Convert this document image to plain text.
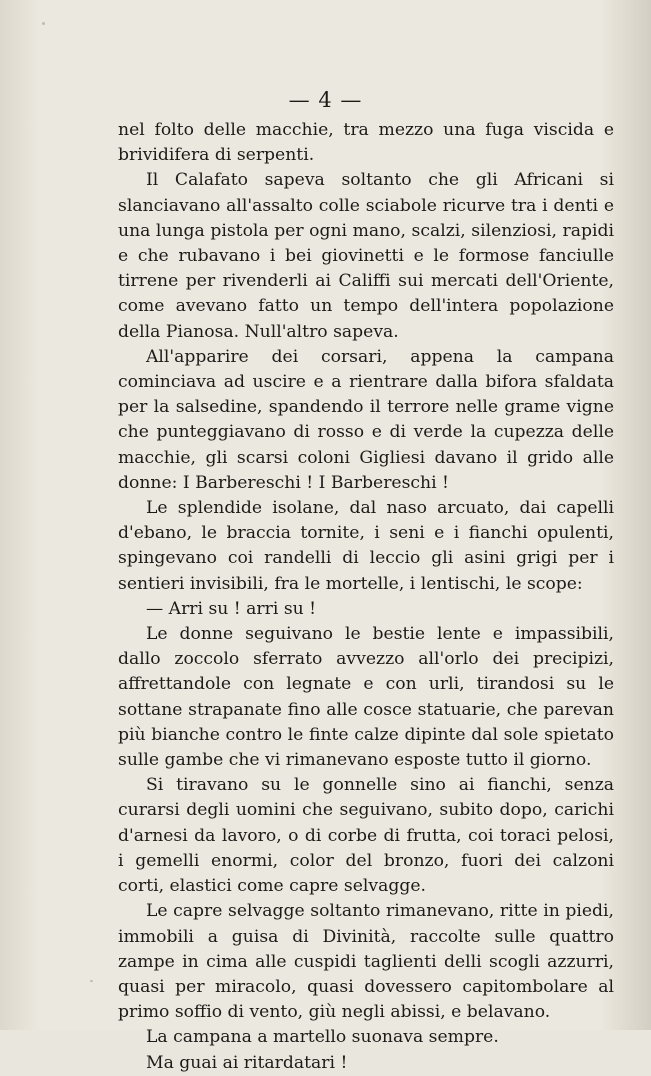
— 4 —

nel folto delle macchie, tra mezzo una fuga viscida e brividifera di serpenti.

Il Calafato sapeva soltanto che gli Africani si slanciavano all'assalto colle sciabole ricurve tra i denti e una lunga pistola per ogni mano, scalzi, silenziosi, rapidi e che rubavano i bei giovinetti e le formose fanciulle tirrene per rivenderli ai Califfi sui mercati dell'Oriente, come avevano fatto un tempo dell'intera popolazione della Pianosa. Null'altro sapeva.

All'apparire dei corsari, appena la campana cominciava ad uscire e a rientrare dalla bifora sfaldata per la salsedine, spandendo il terrore nelle grame vigne che punteggiavano di rosso e di verde la cupezza delle macchie, gli scarsi coloni Gigliesi davano il grido alle donne: I Barbereschi ! I Barbereschi !

Le splendide isolane, dal naso arcuato, dai capelli d'ebano, le braccia tornite, i seni e i fianchi opulenti, spingevano coi randelli di leccio gli asini grigi per i sentieri invisibili, fra le mortelle, i lentischi, le scope:

— Arri su ! arri su !

Le donne seguivano le bestie lente e impassibili, dallo zoccolo sferrato avvezzo all'orlo dei precipizi, affrettandole con legnate e con urli, tirandosi su le sottane strapanate fino alle cosce statuarie, che parevan più bianche contro le finte calze dipinte dal sole spietato sulle gambe che vi rimanevano esposte tutto il giorno.

Si tiravano su le gonnelle sino ai fianchi, senza curarsi degli uomini che seguivano, subito dopo, carichi d'arnesi da lavoro, o di corbe di frutta, coi toraci pelosi, i gemelli enormi, color del bronzo, fuori dei calzoni corti, elastici come capre selvagge.

Le capre selvagge soltanto rimanevano, ritte in piedi, immobili a guisa di Divinità, raccolte sulle quattro zampe in cima alle cuspidi taglienti delli scogli azzurri, quasi per miracolo, quasi dovessero capitombolare al primo soffio di vento, giù negli abissi, e belavano.

La campana a martello suonava sempre.

Ma guai ai ritardatari !
